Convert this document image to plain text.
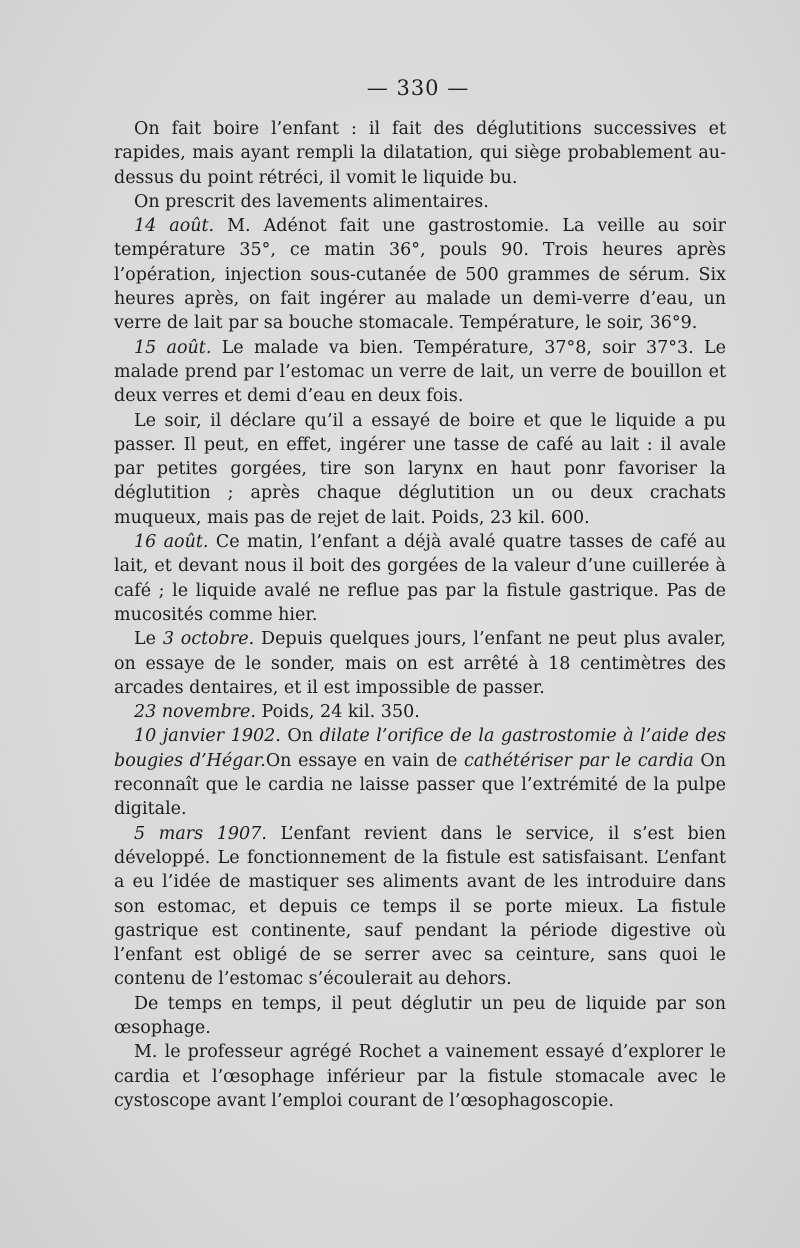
— 330 —

On fait boire l’enfant : il fait des déglutitions successives et rapides, mais ayant rempli la dilatation, qui siège probablement au-dessus du point rétréci, il vomit le liquide bu.

On prescrit des lavements alimentaires.

14 août. M. Adénot fait une gastrostomie. La veille au soir température 35°, ce matin 36°, pouls 90. Trois heures après l’opération, injection sous-cutanée de 500 grammes de sérum. Six heures après, on fait ingérer au malade un demi-verre d’eau, un verre de lait par sa bouche stomacale. Température, le soir, 36°9.

15 août. Le malade va bien. Température, 37°8, soir 37°3. Le malade prend par l’estomac un verre de lait, un verre de bouillon et deux verres et demi d’eau en deux fois.

Le soir, il déclare qu’il a essayé de boire et que le liquide a pu passer. Il peut, en effet, ingérer une tasse de café au lait : il avale par petites gorgées, tire son larynx en haut ponr favoriser la déglutition ; après chaque déglutition un ou deux crachats muqueux, mais pas de rejet de lait. Poids, 23 kil. 600.

16 août. Ce matin, l’enfant a déjà avalé quatre tasses de café au lait, et devant nous il boit des gorgées de la valeur d’une cuillerée à café ; le liquide avalé ne reflue pas par la fistule gastrique. Pas de mucosités comme hier.

Le 3 octobre. Depuis quelques jours, l’enfant ne peut plus avaler, on essaye de le sonder, mais on est arrêté à 18 centimètres des arcades dentaires, et il est impossible de passer.

23 novembre. Poids, 24 kil. 350.

10 janvier 1902. On dilate l’orifice de la gastrostomie à l’aide des bougies d’Hégar.On essaye en vain de cathétériser par le cardia On reconnaît que le cardia ne laisse passer que l’extrémité de la pulpe digitale.

5 mars 1907. L’enfant revient dans le service, il s’est bien développé. Le fonctionnement de la fistule est satisfaisant. L’enfant a eu l’idée de mastiquer ses aliments avant de les introduire dans son estomac, et depuis ce temps il se porte mieux. La fistule gastrique est continente, sauf pendant la période digestive où l’enfant est obligé de se serrer avec sa ceinture, sans quoi le contenu de l’estomac s’écoulerait au dehors.

De temps en temps, il peut déglutir un peu de liquide par son œsophage.

M. le professeur agrégé Rochet a vainement essayé d’explorer le cardia et l’œsophage inférieur par la fistule stomacale avec le cystoscope avant l’emploi courant de l’œsophagoscopie.
